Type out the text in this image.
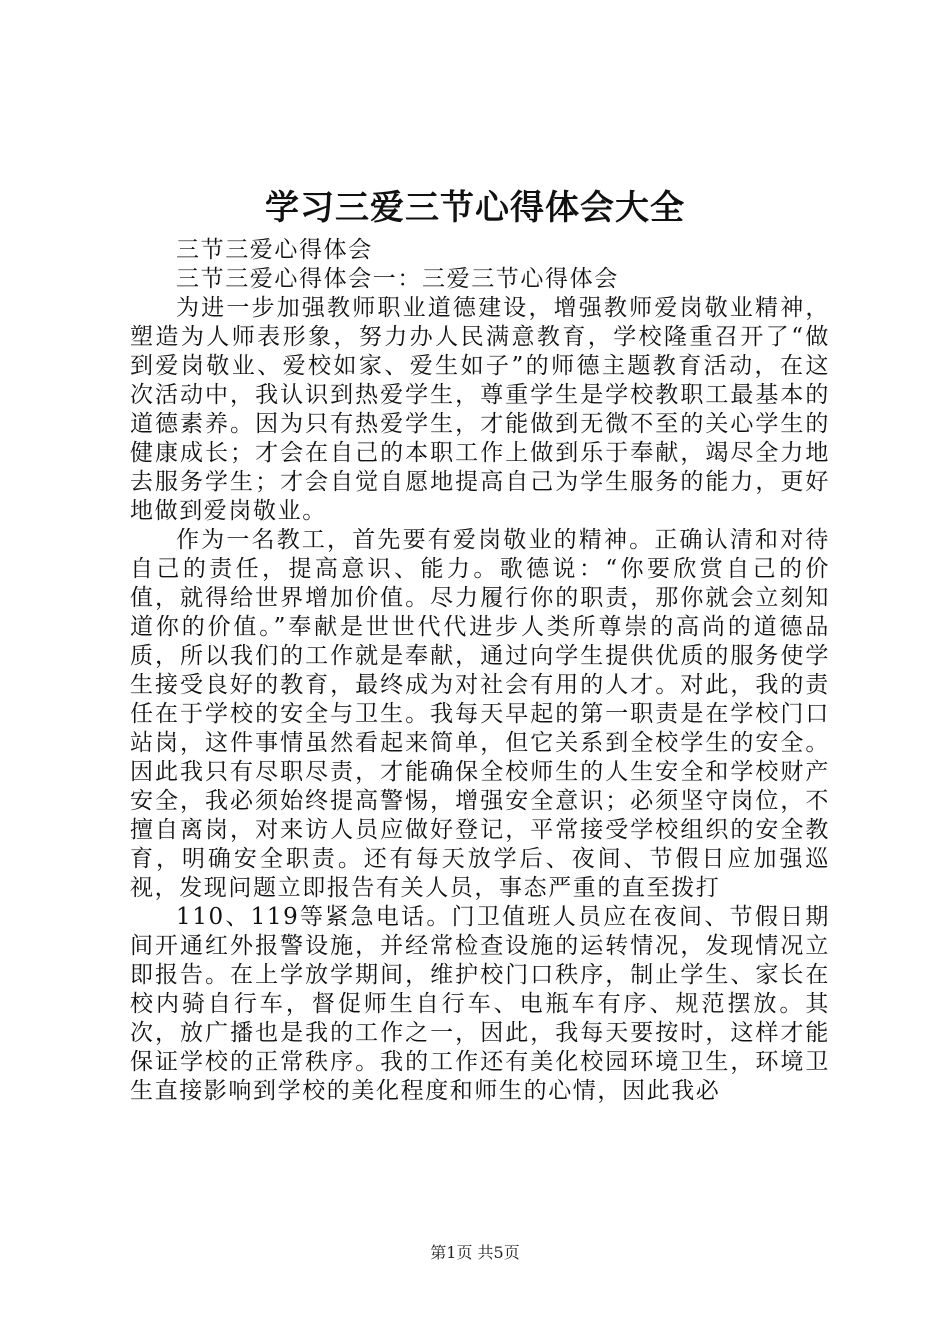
学习三爱三节心得体会大全

三节三爱心得体会

三节三爱心得体会一：三爱三节心得体会

为进一步加强教师职业道德建设，增强教师爱岗敬业精神，塑造为人师表形象，努力办人民满意教育，学校隆重召开了“做到爱岗敬业、爱校如家、爱生如子”的师德主题教育活动，在这次活动中，我认识到热爱学生，尊重学生是学校教职工最基本的道德素养。因为只有热爱学生，才能做到无微不至的关心学生的健康成长；才会在自己的本职工作上做到乐于奉献，竭尽全力地去服务学生；才会自觉自愿地提高自己为学生服务的能力，更好地做到爱岗敬业。

作为一名教工，首先要有爱岗敬业的精神。正确认清和对待自己的责任，提高意识、能力。歌德说：“你要欣赏自己的价值，就得给世界增加价值。尽力履行你的职责，那你就会立刻知道你的价值。”奉献是世世代代进步人类所尊崇的高尚的道德品质，所以我们的工作就是奉献，通过向学生提供优质的服务使学生接受良好的教育，最终成为对社会有用的人才。对此，我的责任在于学校的安全与卫生。我每天早起的第一职责是在学校门口站岗，这件事情虽然看起来简单，但它关系到全校学生的安全。因此我只有尽职尽责，才能确保全校师生的人生安全和学校财产安全，我必须始终提高警惕，增强安全意识；必须坚守岗位，不擅自离岗，对来访人员应做好登记，平常接受学校组织的安全教育，明确安全职责。还有每天放学后、夜间、节假日应加强巡视，发现问题立即报告有关人员，事态严重的直至拨打

110、119等紧急电话。门卫值班人员应在夜间、节假日期间开通红外报警设施，并经常检查设施的运转情况，发现情况立即报告。在上学放学期间，维护校门口秩序，制止学生、家长在校内骑自行车，督促师生自行车、电瓶车有序、规范摆放。其次，放广播也是我的工作之一，因此，我每天要按时，这样才能保证学校的正常秩序。我的工作还有美化校园环境卫生，环境卫生直接影响到学校的美化程度和师生的心情，因此我必

第1页 共5页
